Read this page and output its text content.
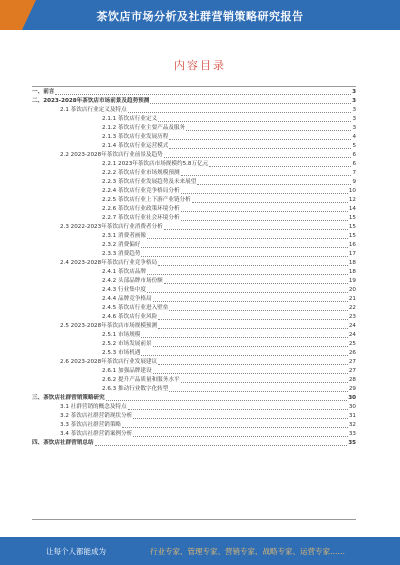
茶饮店市场分析及社群营销策略研究报告
内容目录
一、前言	3
二、2023-2028年茶饮店市场前景及趋势预测	3
2.1 茶饮店行业定义及特点	3
2.1.1 茶饮店行业定义	3
2.1.2 茶饮店行业主要产品及服务	3
2.1.3 茶饮店行业发展历程	4
2.1.4 茶饮店行业运营模式	5
2.2 2023-2028年茶饮店行业前景及趋势	6
2.2.1 2023年茶饮店市场规模约5.8万亿元	6
2.2.2 茶饮店行业市场规模预测	7
2.2.3 茶饮店行业发展趋势及未来展望	9
2.2.4 茶饮店行业竞争格局分析	10
2.2.5 茶饮店行业上下游产业链分析	12
2.2.6 茶饮店行业政策环境分析	14
2.2.7 茶饮店行业社会环境分析	15
2.3 2022-2023年茶饮店行业消费者分析	15
2.3.1 消费者画像	15
2.3.2 消费偏好	16
2.3.3 消费趋势	17
2.4 2023-2028年茶饮店行业竞争格局	18
2.4.1 茶饮店品牌	18
2.4.2 头部品牌市场份额	19
2.4.3 行业集中度	20
2.4.4 品牌竞争格局	21
2.4.5 茶饮店行业进入壁垒	22
2.4.6 茶饮店行业风险	23
2.5 2023-2028年茶饮店市场规模预测	24
2.5.1 市场规模	24
2.5.2 市场发展前景	25
2.5.3 市场机遇	26
2.6 2023-2028年茶饮店行业发展建议	27
2.6.1 加强品牌建设	27
2.6.2 提升产品质量和服务水平	28
2.6.3 推动行业数字化转型	29
三、茶饮店社群营销策略研究	30
3.1 社群营销的概念及特点	30
3.2 茶饮店社群营销现状分析	31
3.3 茶饮店社群营销策略	32
3.4 茶饮店社群营销案例分析	33
四、茶饮店社群营销总结	35
让每个人都能成为	行业专家、管理专家、营销专家、战略专家、运营专家……
